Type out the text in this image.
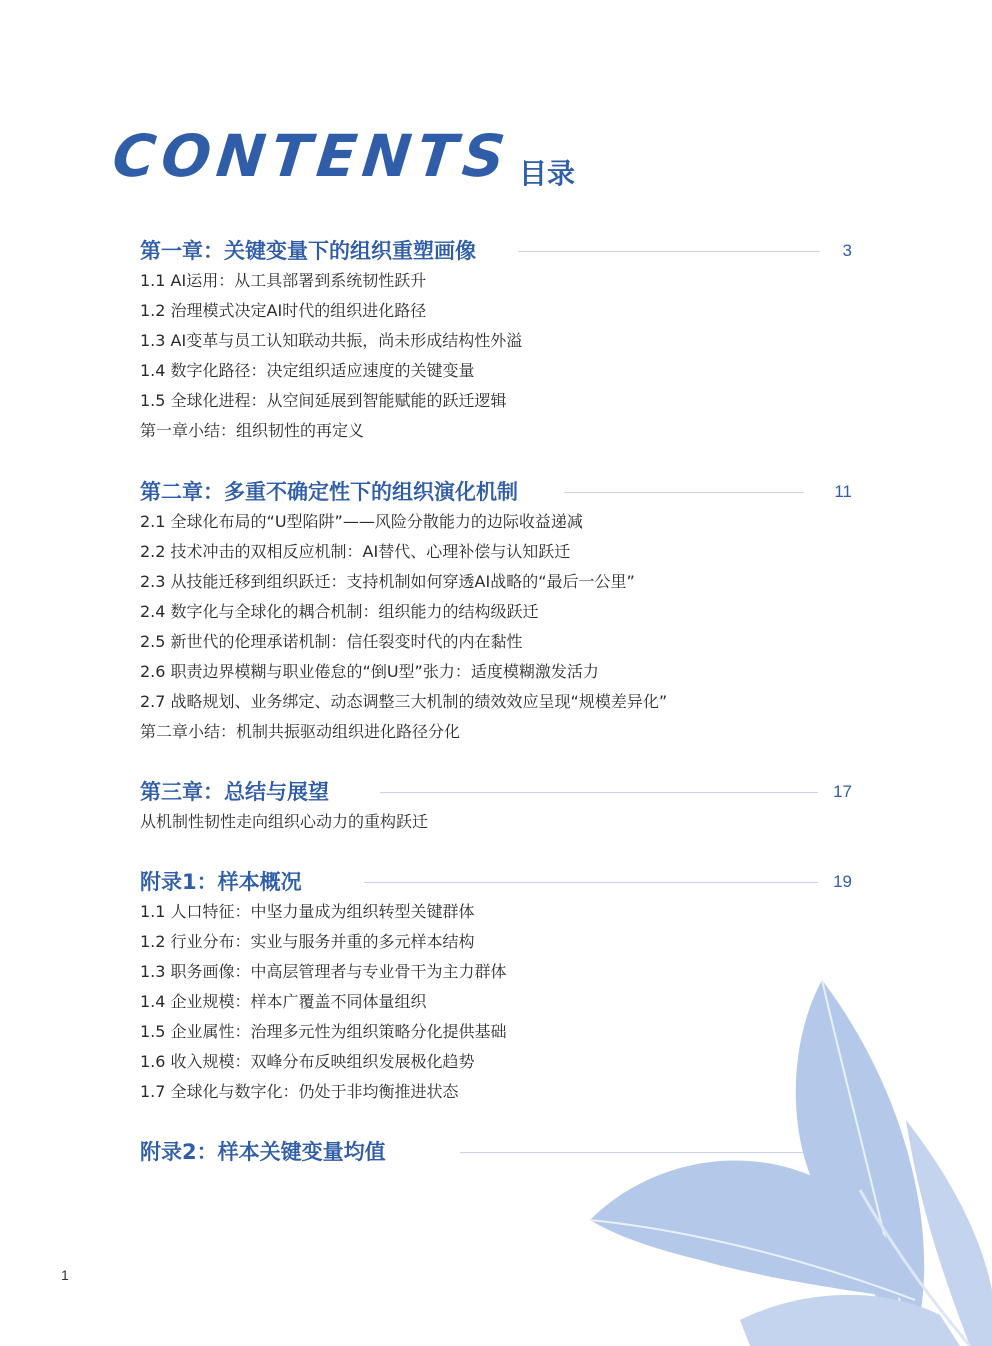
CONTENTS 目录
第一章：关键变量下的组织重塑画像	3
1.1 AI运用：从工具部署到系统韧性跃升
1.2 治理模式决定AI时代的组织进化路径
1.3 AI变革与员工认知联动共振，尚未形成结构性外溢
1.4 数字化路径：决定组织适应速度的关键变量
1.5 全球化进程：从空间延展到智能赋能的跃迁逻辑
第一章小结：组织韧性的再定义
第二章：多重不确定性下的组织演化机制	11
2.1 全球化布局的“U型陷阱”——风险分散能力的边际收益递减
2.2 技术冲击的双相反应机制：AI替代、心理补偿与认知跃迁
2.3 从技能迁移到组织跃迁：支持机制如何穿透AI战略的“最后一公里”
2.4 数字化与全球化的耦合机制：组织能力的结构级跃迁
2.5 新世代的伦理承诺机制：信任裂变时代的内在黏性
2.6 职责边界模糊与职业倦怠的“倒U型”张力：适度模糊激发活力
2.7 战略规划、业务绑定、动态调整三大机制的绩效效应呈现“规模差异化”
第二章小结：机制共振驱动组织进化路径分化
第三章：总结与展望	17
从机制性韧性走向组织心动力的重构跃迁
附录1：样本概况	19
1.1 人口特征：中坚力量成为组织转型关键群体
1.2 行业分布：实业与服务并重的多元样本结构
1.3 职务画像：中高层管理者与专业骨干为主力群体
1.4 企业规模：样本广覆盖不同体量组织
1.5 企业属性：治理多元性为组织策略分化提供基础
1.6 收入规模：双峰分布反映组织发展极化趋势
1.7 全球化与数字化：仍处于非均衡推进状态
附录2：样本关键变量均值
1
